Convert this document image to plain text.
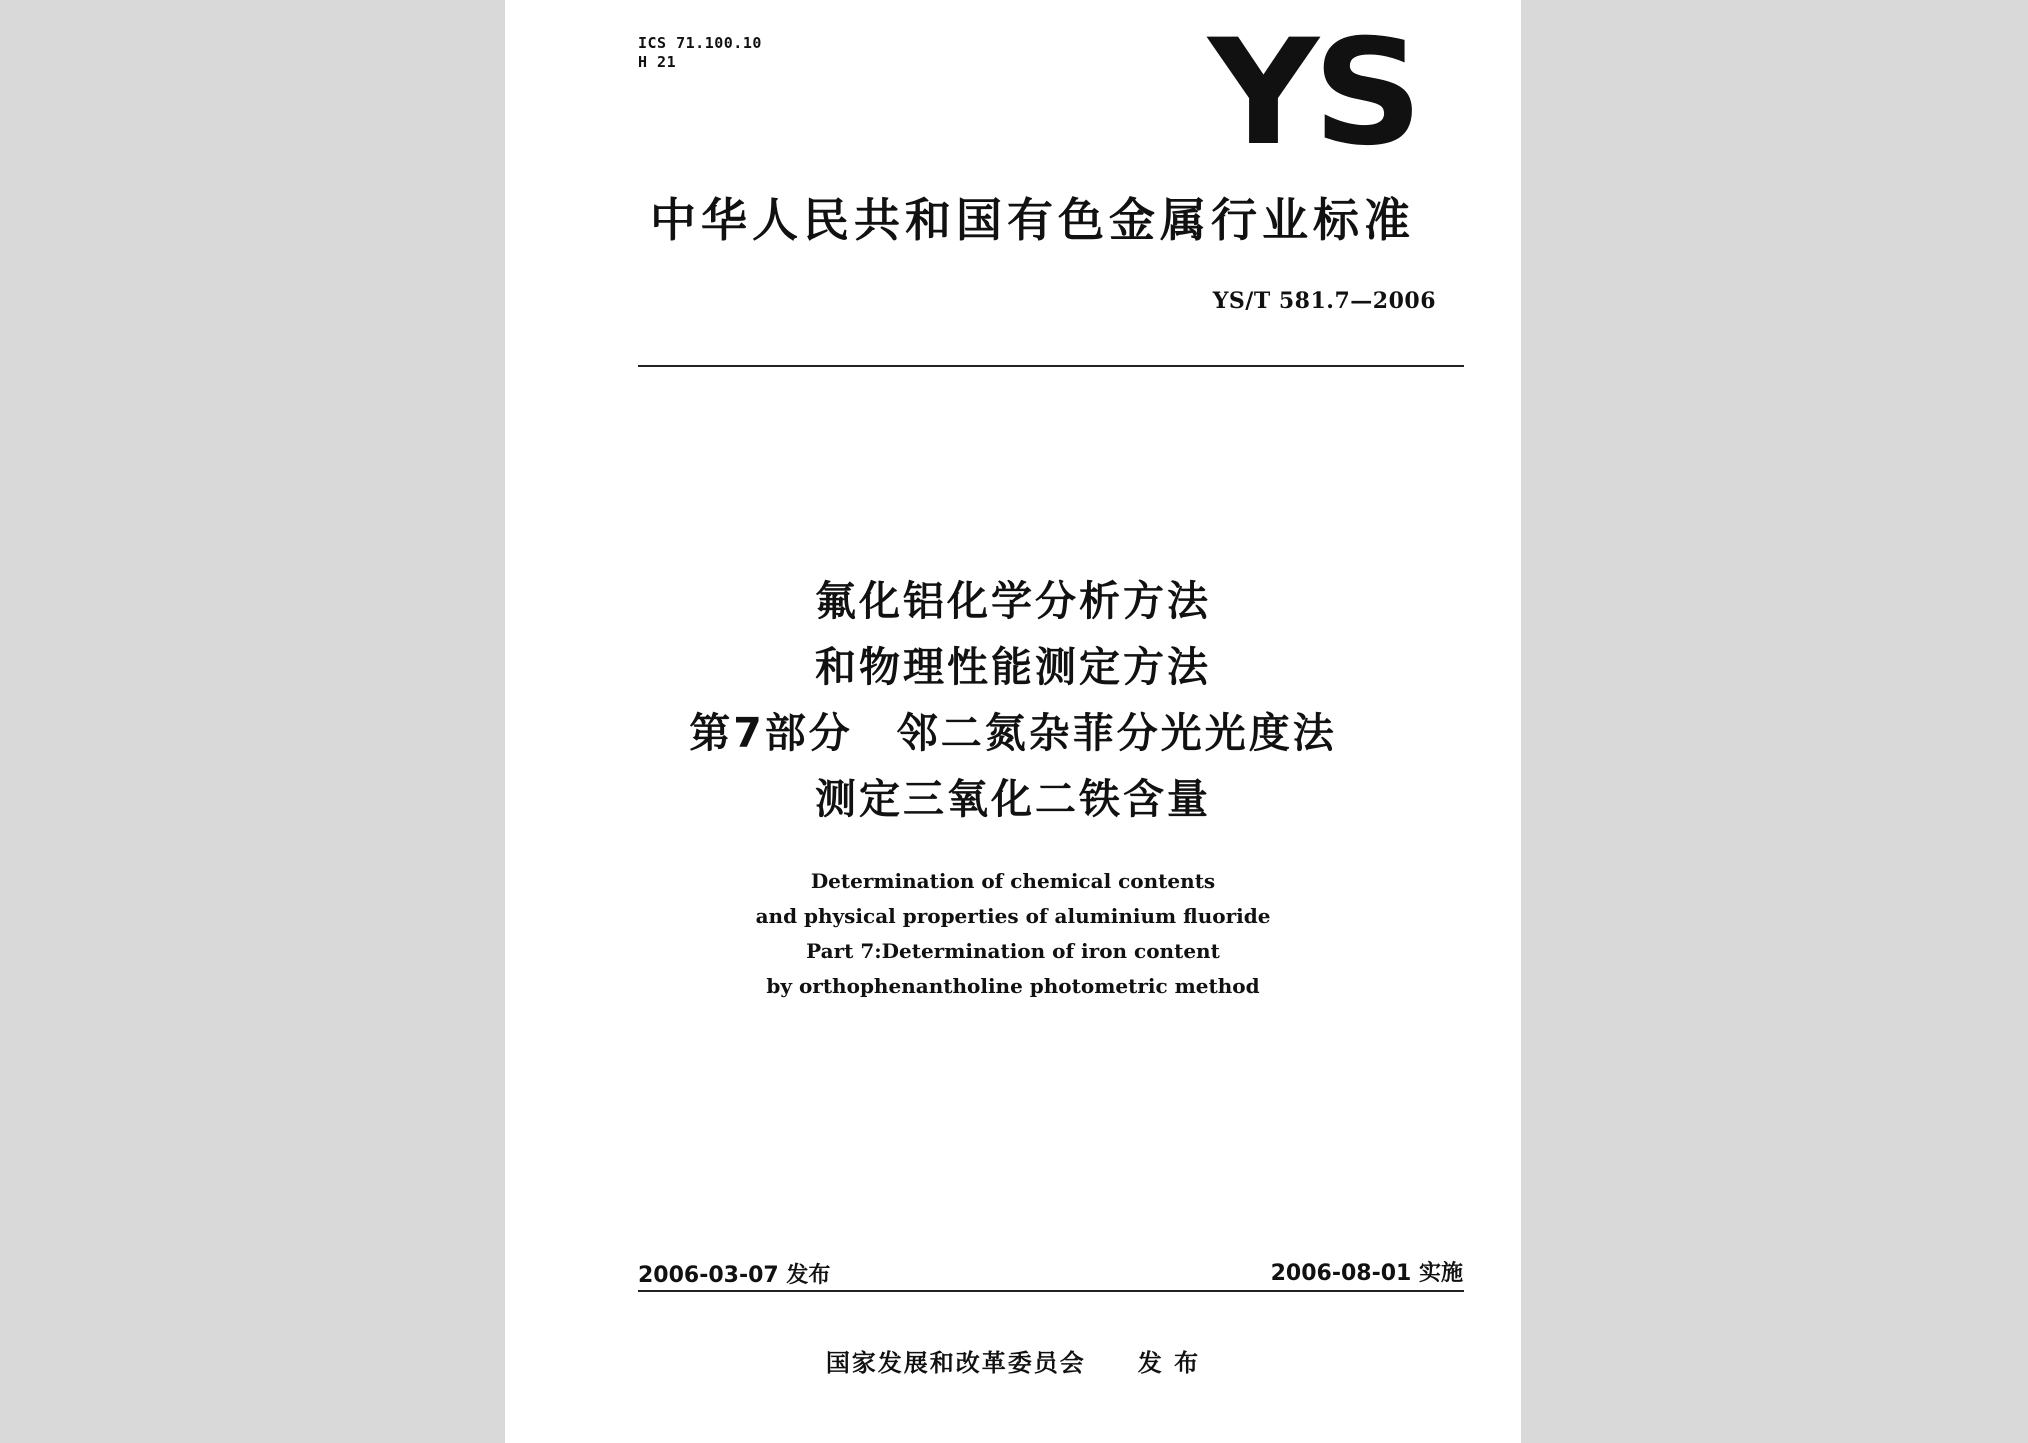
ICS 71.100.10
H 21	YS
中华人民共和国有色金属行业标准
YS/T 581.7—2006
氟化铝化学分析方法
和物理性能测定方法
第7部分　邻二氮杂菲分光光度法
测定三氧化二铁含量
Determination of chemical contents
and physical properties of aluminium fluoride
Part 7:Determination of iron content
by orthophenantholine photometric method
2006-03-07 发布	2006-08-01 实施
国家发展和改革委员会　　发 布
